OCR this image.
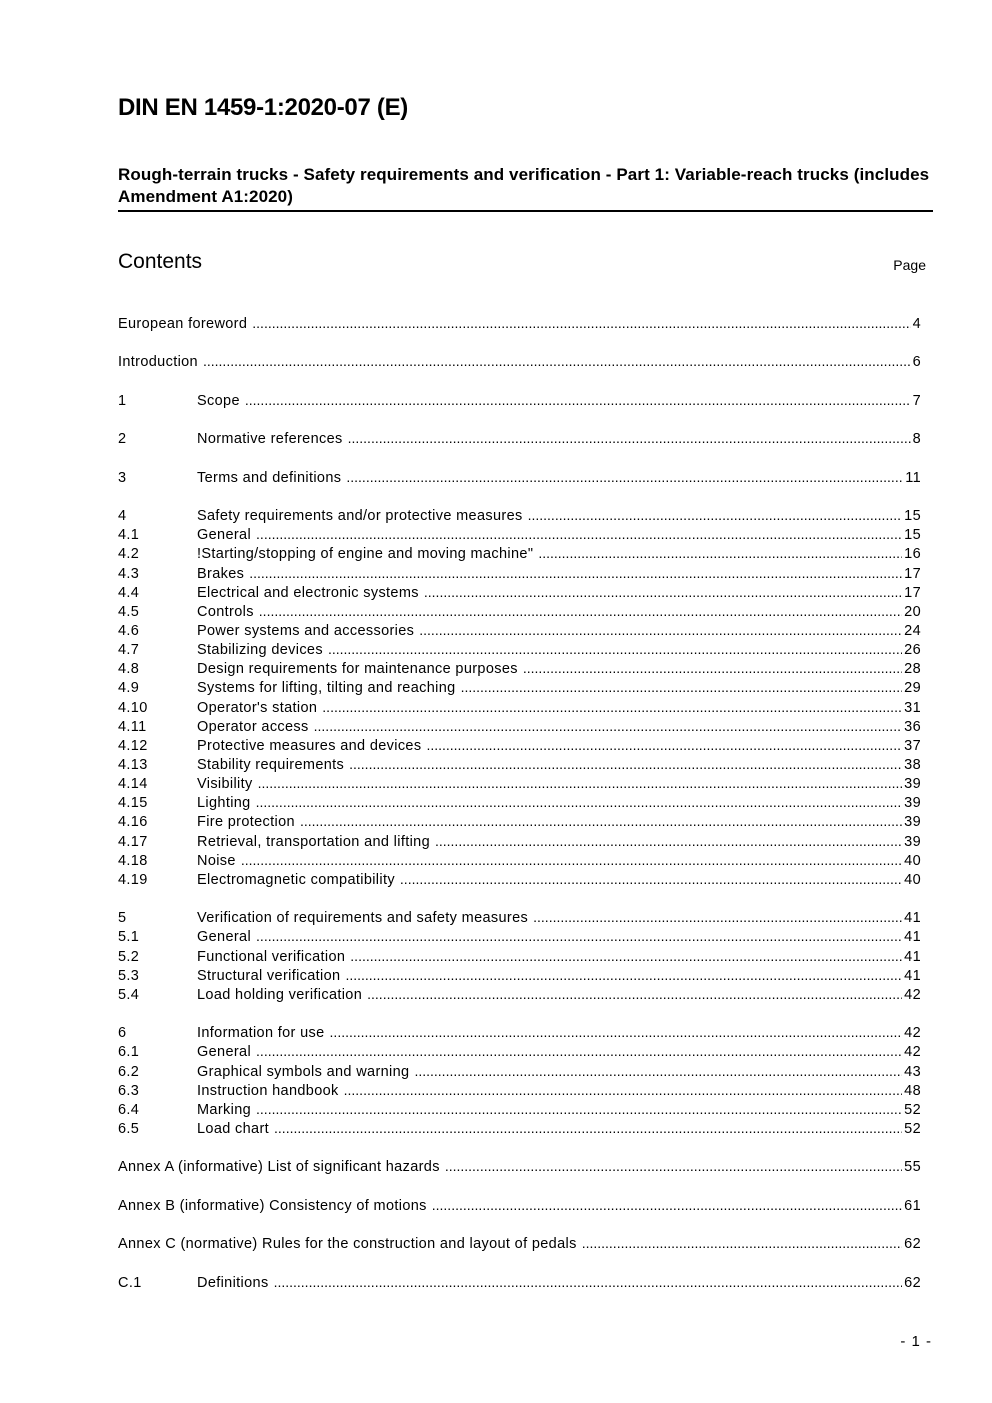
DIN EN 1459-1:2020-07 (E)
Rough-terrain trucks - Safety requirements and verification - Part 1: Variable-reach trucks (includes Amendment A1:2020)
Contents	Page
European foreword .....	4
Introduction .....	6
1	Scope .....	7
2	Normative references .....	8
3	Terms and definitions .....	11
4	Safety requirements and/or protective measures .....	15
4.1	General .....	15
4.2	!Starting/stopping of engine and moving machine" .....	16
4.3	Brakes .....	17
4.4	Electrical and electronic systems .....	17
4.5	Controls .....	20
4.6	Power systems and accessories .....	24
4.7	Stabilizing devices .....	26
4.8	Design requirements for maintenance purposes .....	28
4.9	Systems for lifting, tilting and reaching .....	29
4.10	Operator's station .....	31
4.11	Operator access .....	36
4.12	Protective measures and devices .....	37
4.13	Stability requirements .....	38
4.14	Visibility .....	39
4.15	Lighting .....	39
4.16	Fire protection .....	39
4.17	Retrieval, transportation and lifting .....	39
4.18	Noise .....	40
4.19	Electromagnetic compatibility .....	40
5	Verification of requirements and safety measures .....	41
5.1	General .....	41
5.2	Functional verification .....	41
5.3	Structural verification .....	41
5.4	Load holding verification .....	42
6	Information for use .....	42
6.1	General .....	42
6.2	Graphical symbols and warning .....	43
6.3	Instruction handbook .....	48
6.4	Marking .....	52
6.5	Load chart .....	52
Annex A (informative) List of significant hazards .....	55
Annex B (informative) Consistency of motions .....	61
Annex C (normative) Rules for the construction and layout of pedals .....	62
C.1	Definitions .....	62
- 1 -
